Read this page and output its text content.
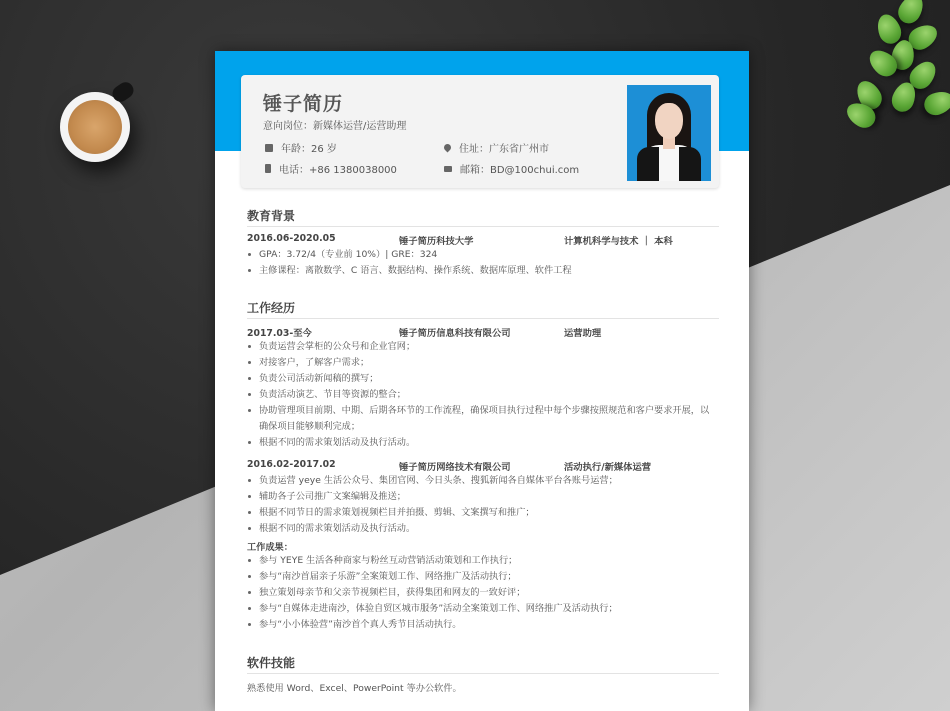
锤子简历
意向岗位：新媒体运营/运营助理
年龄：26 岁	住址：广东省广州市
电话：+86 1380038000	邮箱：BD@100chui.com
教育背景
2016.06-2020.05	锤子简历科技大学	计算机科学与技术 ｜ 本科
GPA：3.72/4（专业前 10%）| GRE：324
主修课程：离散数学、C 语言、数据结构、操作系统、数据库原理、软件工程
工作经历
2017.03-至今	锤子简历信息科技有限公司	运营助理
负责运营会掌柜的公众号和企业官网；
对接客户，了解客户需求；
负责公司活动新闻稿的撰写；
负责活动演艺、节目等资源的整合；
协助管理项目前期、中期、后期各环节的工作流程，确保项目执行过程中每个步骤按照规范和客户要求开展，以
确保项目能够顺利完成；
根据不同的需求策划活动及执行活动。
2016.02-2017.02	锤子简历网络技术有限公司	活动执行/新媒体运营
负责运营 yeye 生活公众号、集团官网、今日头条、搜狐新闻各自媒体平台各账号运营；
辅助各子公司推广文案编辑及推送；
根据不同节日的需求策划视频栏目并拍摄、剪辑、文案撰写和推广；
根据不同的需求策划活动及执行活动。
工作成果：
参与 YEYE 生活各种商家与粉丝互动营销活动策划和工作执行；
参与“南沙首届亲子乐游”全案策划工作、网络推广及活动执行；
独立策划母亲节和父亲节视频栏目，获得集团和网友的一致好评；
参与“自媒体走进南沙，体验自贸区城市服务”活动全案策划工作、网络推广及活动执行；
参与“小小体验营”南沙首个真人秀节目活动执行。
软件技能
熟悉使用 Word、Excel、PowerPoint 等办公软件。
